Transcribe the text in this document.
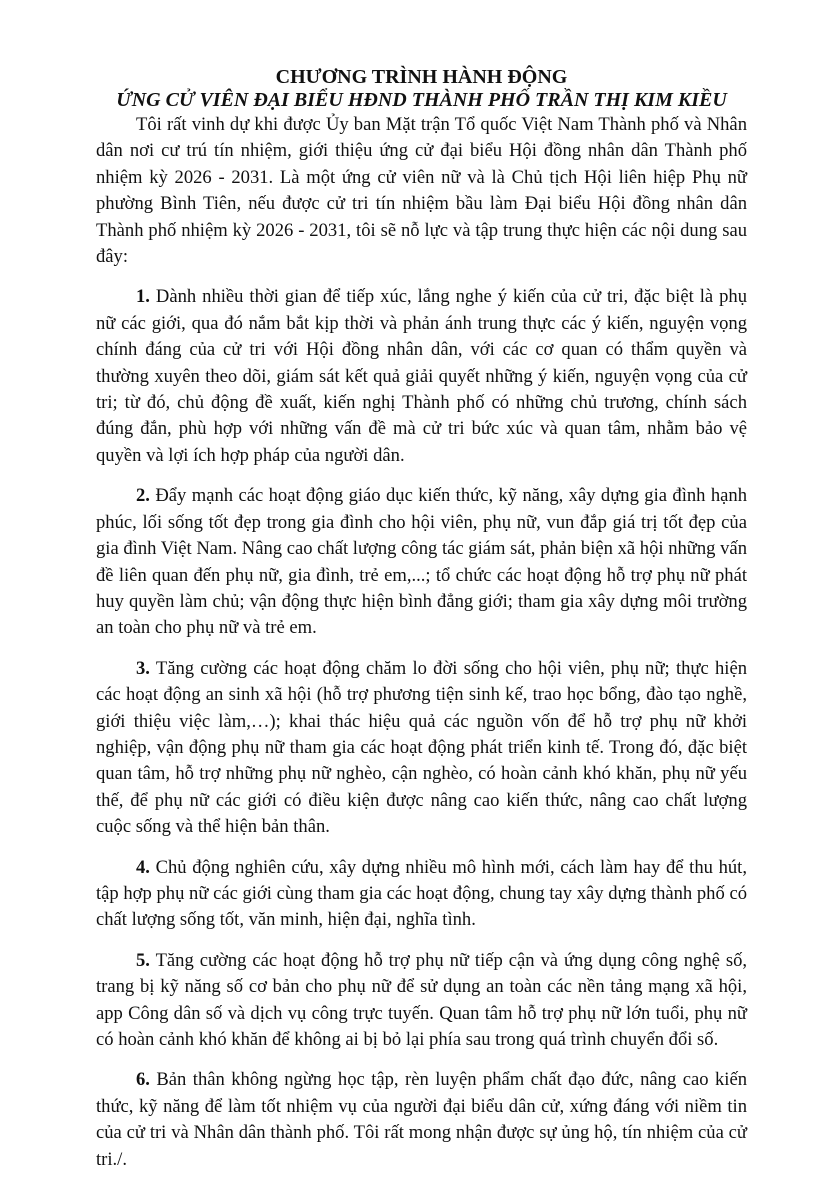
CHƯƠNG TRÌNH HÀNH ĐỘNG
ỨNG CỬ VIÊN ĐẠI BIỂU HĐND THÀNH PHỐ TRẦN THỊ KIM KIỀU

Tôi rất vinh dự khi được Ủy ban Mặt trận Tổ quốc Việt Nam Thành phố và Nhân dân nơi cư trú tín nhiệm, giới thiệu ứng cử đại biểu Hội đồng nhân dân Thành phố nhiệm kỳ 2026 - 2031. Là một ứng cử viên nữ và là Chủ tịch Hội liên hiệp Phụ nữ phường Bình Tiên, nếu được cử tri tín nhiệm bầu làm Đại biểu Hội đồng nhân dân Thành phố nhiệm kỳ 2026 - 2031, tôi sẽ nỗ lực và tập trung thực hiện các nội dung sau đây:

1. Dành nhiều thời gian để tiếp xúc, lắng nghe ý kiến của cử tri, đặc biệt là phụ nữ các giới, qua đó nắm bắt kịp thời và phản ánh trung thực các ý kiến, nguyện vọng chính đáng của cử tri với Hội đồng nhân dân, với các cơ quan có thẩm quyền và thường xuyên theo dõi, giám sát kết quả giải quyết những ý kiến, nguyện vọng của cử tri; từ đó, chủ động đề xuất, kiến nghị Thành phố có những chủ trương, chính sách đúng đắn, phù hợp với những vấn đề mà cử tri bức xúc và quan tâm, nhằm bảo vệ quyền và lợi ích hợp pháp của người dân.

2. Đẩy mạnh các hoạt động giáo dục kiến thức, kỹ năng, xây dựng gia đình hạnh phúc, lối sống tốt đẹp trong gia đình cho hội viên, phụ nữ, vun đắp giá trị tốt đẹp của gia đình Việt Nam. Nâng cao chất lượng công tác giám sát, phản biện xã hội những vấn đề liên quan đến phụ nữ, gia đình, trẻ em,...; tổ chức các hoạt động hỗ trợ phụ nữ phát huy quyền làm chủ; vận động thực hiện bình đẳng giới; tham gia xây dựng môi trường an toàn cho phụ nữ và trẻ em.

3. Tăng cường các hoạt động chăm lo đời sống cho hội viên, phụ nữ; thực hiện các hoạt động an sinh xã hội (hỗ trợ phương tiện sinh kế, trao học bổng, đào tạo nghề, giới thiệu việc làm,…); khai thác hiệu quả các nguồn vốn để hỗ trợ phụ nữ khởi nghiệp, vận động phụ nữ tham gia các hoạt động phát triển kinh tế. Trong đó, đặc biệt quan tâm, hỗ trợ những phụ nữ nghèo, cận nghèo, có hoàn cảnh khó khăn, phụ nữ yếu thế, để phụ nữ các giới có điều kiện được nâng cao kiến thức, nâng cao chất lượng cuộc sống và thể hiện bản thân.

4. Chủ động nghiên cứu, xây dựng nhiều mô hình mới, cách làm hay để thu hút, tập hợp phụ nữ các giới cùng tham gia các hoạt động, chung tay xây dựng thành phố có chất lượng sống tốt, văn minh, hiện đại, nghĩa tình.

5. Tăng cường các hoạt động hỗ trợ phụ nữ tiếp cận và ứng dụng công nghệ số, trang bị kỹ năng số cơ bản cho phụ nữ để sử dụng an toàn các nền tảng mạng xã hội, app Công dân số và dịch vụ công trực tuyến. Quan tâm hỗ trợ phụ nữ lớn tuổi, phụ nữ có hoàn cảnh khó khăn để không ai bị bỏ lại phía sau trong quá trình chuyển đổi số.

6. Bản thân không ngừng học tập, rèn luyện phẩm chất đạo đức, nâng cao kiến thức, kỹ năng để làm tốt nhiệm vụ của người đại biểu dân cử, xứng đáng với niềm tin của cử tri và Nhân dân thành phố. Tôi rất mong nhận được sự ủng hộ, tín nhiệm của cử tri./.
